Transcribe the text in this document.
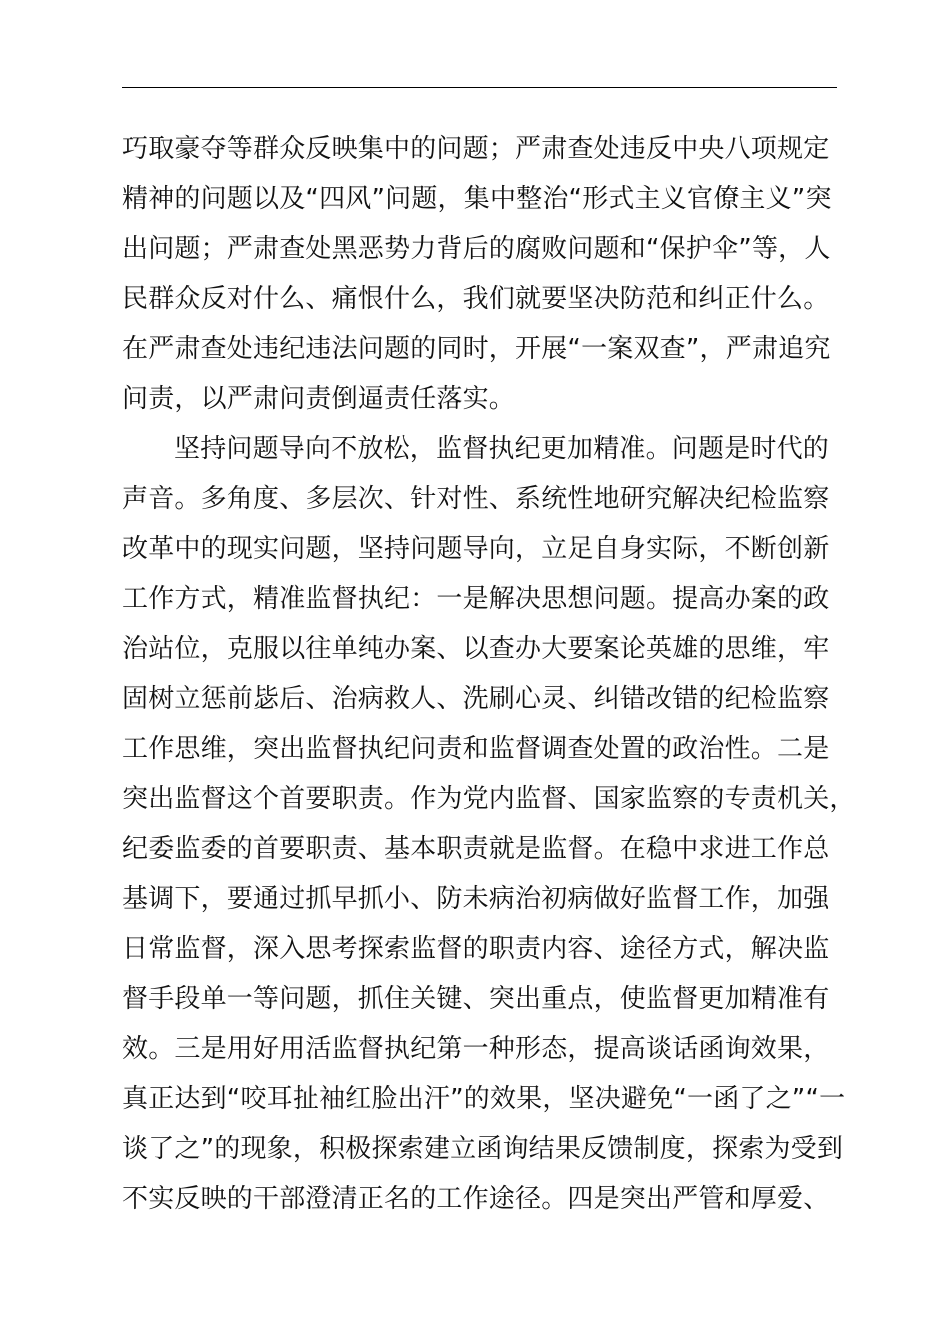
巧取豪夺等群众反映集中的问题；严肃查处违反中央八项规定
精神的问题以及“四风”问题，集中整治“形式主义官僚主义”突
出问题；严肃查处黑恶势力背后的腐败问题和“保护伞”等，人
民群众反对什么、痛恨什么，我们就要坚决防范和纠正什么。
在严肃查处违纪违法问题的同时，开展“一案双查”，严肃追究
问责，以严肃问责倒逼责任落实。
坚持问题导向不放松，监督执纪更加精准。问题是时代的
声音。多角度、多层次、针对性、系统性地研究解决纪检监察
改革中的现实问题，坚持问题导向，立足自身实际，不断创新
工作方式，精准监督执纪：一是解决思想问题。提高办案的政
治站位，克服以往单纯办案、以查办大要案论英雄的思维，牢
固树立惩前毖后、治病救人、洗刷心灵、纠错改错的纪检监察
工作思维，突出监督执纪问责和监督调查处置的政治性。二是
突出监督这个首要职责。作为党内监督、国家监察的专责机关，
纪委监委的首要职责、基本职责就是监督。在稳中求进工作总
基调下，要通过抓早抓小、防未病治初病做好监督工作，加强
日常监督，深入思考探索监督的职责内容、途径方式，解决监
督手段单一等问题，抓住关键、突出重点，使监督更加精准有
效。三是用好用活监督执纪第一种形态，提高谈话函询效果，
真正达到“咬耳扯袖红脸出汗”的效果，坚决避免“一函了之”“一
谈了之”的现象，积极探索建立函询结果反馈制度，探索为受到
不实反映的干部澄清正名的工作途径。四是突出严管和厚爱、
